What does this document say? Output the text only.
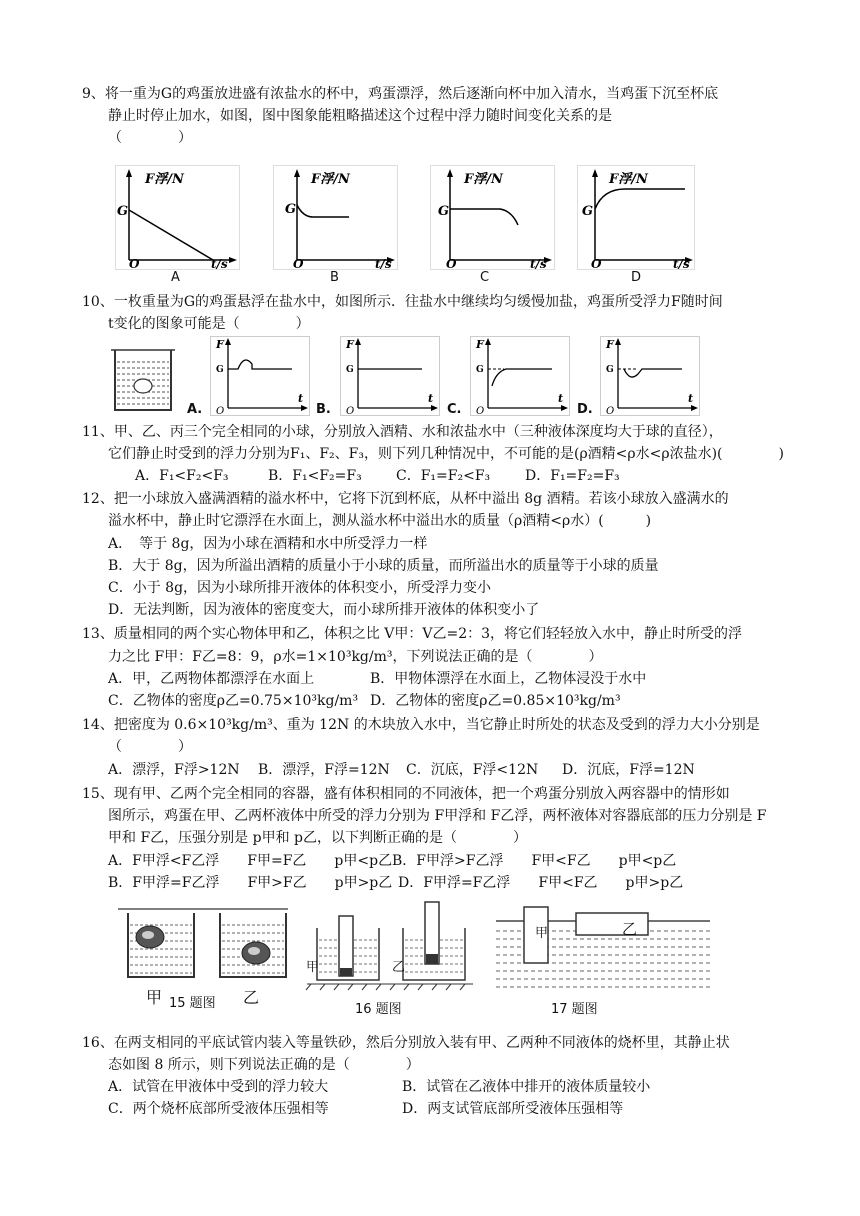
9、将一重为G的鸡蛋放进盛有浓盐水的杯中，鸡蛋漂浮，然后逐渐向杯中加入清水，当鸡蛋下沉至杯底
静止时停止加水，如图，图中图象能粗略描述这个过程中浮力随时间变化关系的是
（　　　　）
F浮/N
G
O	t/s
F浮/N
G
O	t/s
F浮/N
G
O	t/s
F浮/N
G
O	t/s
A	B	C	D
10、一枚重量为G的鸡蛋悬浮在盐水中，如图所示．往盐水中继续均匀缓慢加盐，鸡蛋所受浮力F随时间
t变化的图象可能是（　　　　）
F
G
O
t
F
G
O
t
F
G
O
t
F
G
O
t
A.	B.	C.	D.
11、甲、乙、丙三个完全相同的小球，分别放入酒精、水和浓盐水中（三种液体深度均大于球的直径），
它们静止时受到的浮力分别为F₁、F₂、F₃，则下列几种情况中，不可能的是(ρ酒精<ρ水<ρ浓盐水)(　　　　)
A．F₁<F₂<F₃	B．F₁<F₂=F₃ C．F₁=F₂<F₃ D．F₁=F₂=F₃
12、把一小球放入盛满酒精的溢水杯中，它将下沉到杯底，从杯中溢出 8g 酒精。若该小球放入盛满水的
溢水杯中，静止时它漂浮在水面上，测从溢水杯中溢出水的质量（ρ酒精<ρ水）(　　　)
A．　等于 8g，因为小球在酒精和水中所受浮力一样
B．大于 8g，因为所溢出酒精的质量小于小球的质量，而所溢出水的质量等于小球的质量
C．小于 8g，因为小球所排开液体的体积变小，所受浮力变小
D．无法判断，因为液体的密度变大，而小球所排开液体的体积变小了
13、质量相同的两个实心物体甲和乙，体积之比 V甲：V乙=2：3，将它们轻轻放入水中，静止时所受的浮
力之比 F甲：F乙=8：9，ρ水=1×10³kg/m³，下列说法正确的是（　　　　）
A．甲，乙两物体都漂浮在水面上	B．甲物体漂浮在水面上，乙物体浸没于水中
C．乙物体的密度ρ乙=0.75×10³kg/m³ D．乙物体的密度ρ乙=0.85×10³kg/m³
14、把密度为 0.6×10³kg/m³、重为 12N 的木块放入水中，当它静止时所处的状态及受到的浮力大小分别是
（　　　　）
A．漂浮，F浮>12N B．漂浮，F浮=12N C．沉底，F浮<12N D．沉底，F浮=12N
15、现有甲、乙两个完全相同的容器，盛有体积相同的不同液体，把一个鸡蛋分别放入两容器中的情形如
图所示，鸡蛋在甲、乙两杯液体中所受的浮力分别为 F甲浮和 F乙浮，两杯液体对容器底部的压力分别是 F
甲和 F乙，压强分别是 p甲和 p乙，以下判断正确的是（　　　　）
A．F甲浮<F乙浮　　F甲=F乙　　p甲<p乙 B．F甲浮>F乙浮　　F甲<F乙　　p甲<p乙
B．F甲浮=F乙浮　　F甲>F乙　　p甲>p乙 D．F甲浮=F乙浮　　F甲<F乙　　p甲>p乙
甲 15 题图 乙
甲	乙
16 题图
甲	乙
17 题图
16、在两支相同的平底试管内装入等量铁砂，然后分别放入装有甲、乙两种不同液体的烧杯里，其静止状
态如图 8 所示，则下列说法正确的是（　　　　）
A．试管在甲液体中受到的浮力较大	B．试管在乙液体中排开的液体质量较小
C．两个烧杯底部所受液体压强相等	D．两支试管底部所受液体压强相等
